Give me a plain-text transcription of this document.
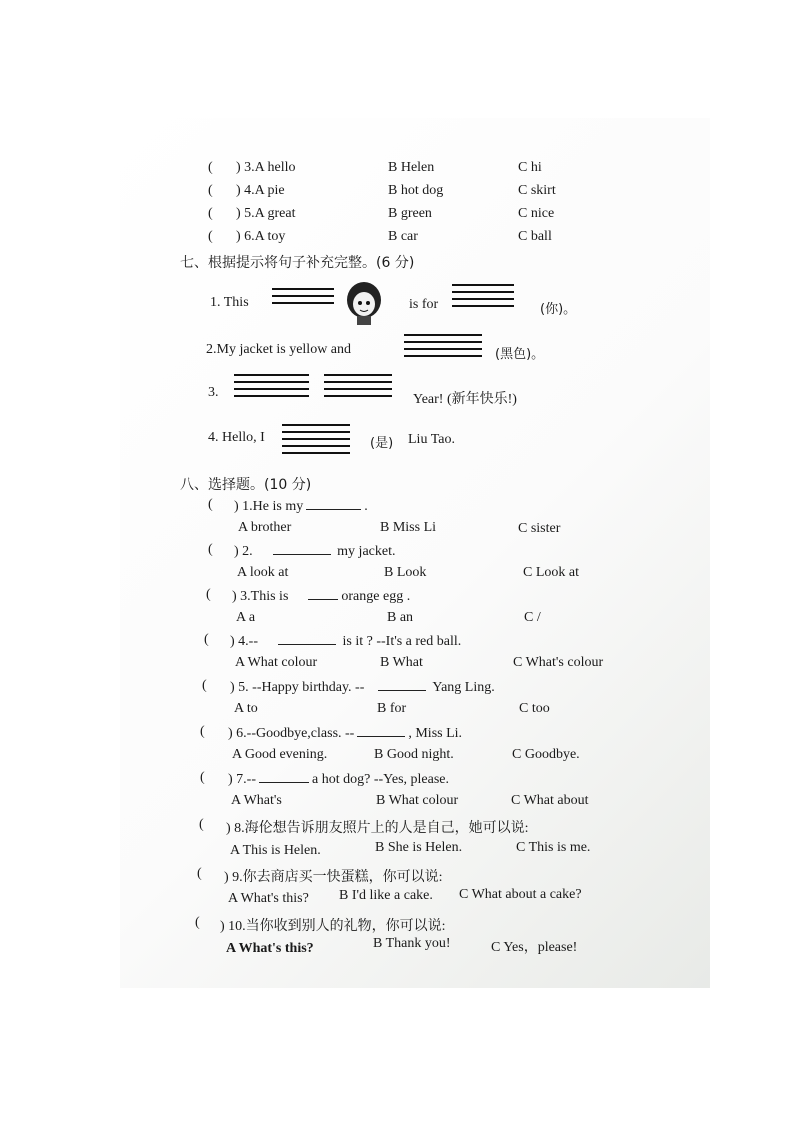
( ) 3.A hello	B Helen	C hi
( ) 4.A pie	B hot dog	C skirt
( ) 5.A great	B green	C nice
( ) 6.A toy	B car	C ball
七、根据提示将句子补充完整。(6 分)
1. This	is for	(你)。
2.My jacket is yellow and	(黑色)。
3.	Year! (新年快乐!)
4. Hello, I	(是) Liu Tao.
八、选择题。(10 分)
( ) 1.He is my	.
A brother	B Miss Li	C sister
( ) 2.	my jacket.
A look at	B Look	C Look at
( ) 3.This is	orange egg .
A a	B an	C /
( ) 4.--	is it ? --It's a red ball.
A What colour	B What	C What's colour
( ) 5. --Happy birthday. --	Yang Ling.
A to	B for	C too
( ) 6.--Goodbye,class. --	, Miss Li.
A Good evening.	B Good night.	C Goodbye.
( ) 7.--	a hot dog? --Yes, please.
A What's	B What colour	C What about
( ) 8.海伦想告诉朋友照片上的人是自己，她可以说:
A This is Helen.	B She is Helen.	C This is me.
( ) 9.你去商店买一快蛋糕，你可以说:
A What's this? B I'd like a cake. C What about a cake?
( ) 10.当你收到别人的礼物，你可以说:
A What's this?	B Thank you!	C Yes，please!
